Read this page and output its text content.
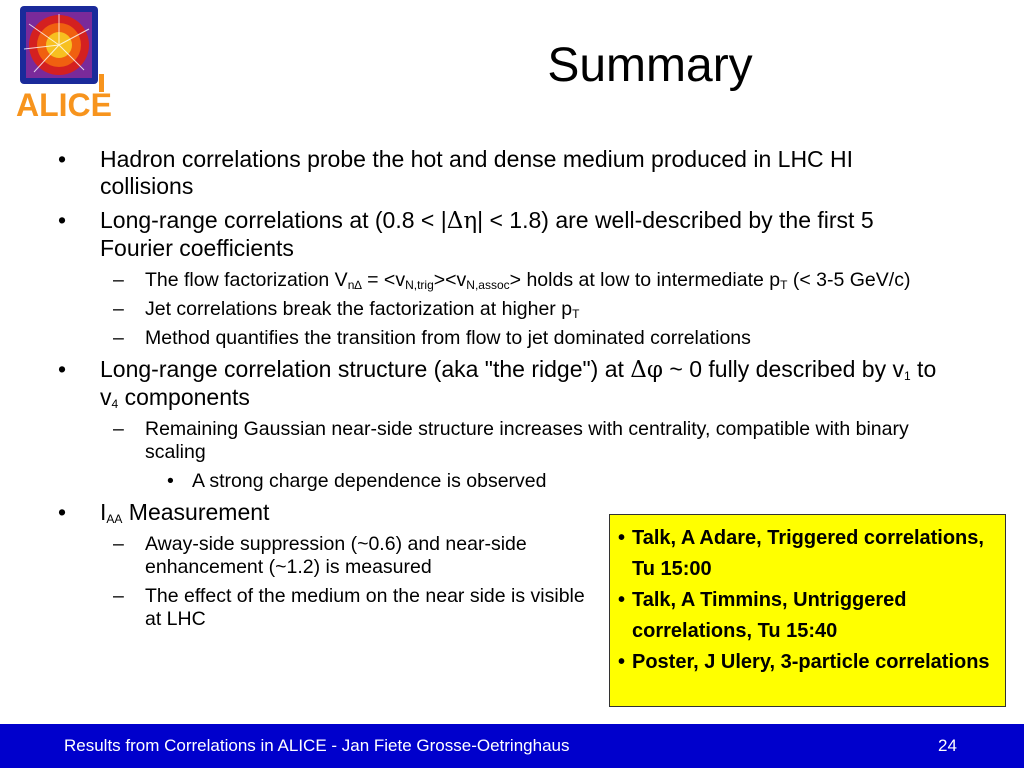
ALICE
Summary
• Hadron correlations probe the hot and dense medium produced in LHC HI collisions
• Long-range correlations at (0.8 < |Δη| < 1.8) are well-described by the first 5 Fourier coefficients
– The flow factorization $V_{n\Delta} = <v_{N,trig}><v_{N,assoc}>$ holds at low to intermediate $p_T$ (< 3-5 GeV/c)
– Jet correlations break the factorization at higher $p_T$
– Method quantifies the transition from flow to jet dominated correlations
• Long-range correlation structure (aka "the ridge") at Δφ ~ 0 fully described by $v_1$ to $v_4$ components
– Remaining Gaussian near-side structure increases with centrality, compatible with binary scaling
• A strong charge dependence is observed
• $I_{AA}$ Measurement
– Away-side suppression (~0.6) and near-side enhancement (~1.2) is measured
– The effect of the medium on the near side is visible at LHC
• Talk, A Adare, Triggered correlations, Tu 15:00
• Talk, A Timmins, Untriggered correlations, Tu 15:40
• Poster, J Ulery, 3-particle correlations
Results from Correlations in ALICE - Jan Fiete Grosse-Oetringhaus	24
